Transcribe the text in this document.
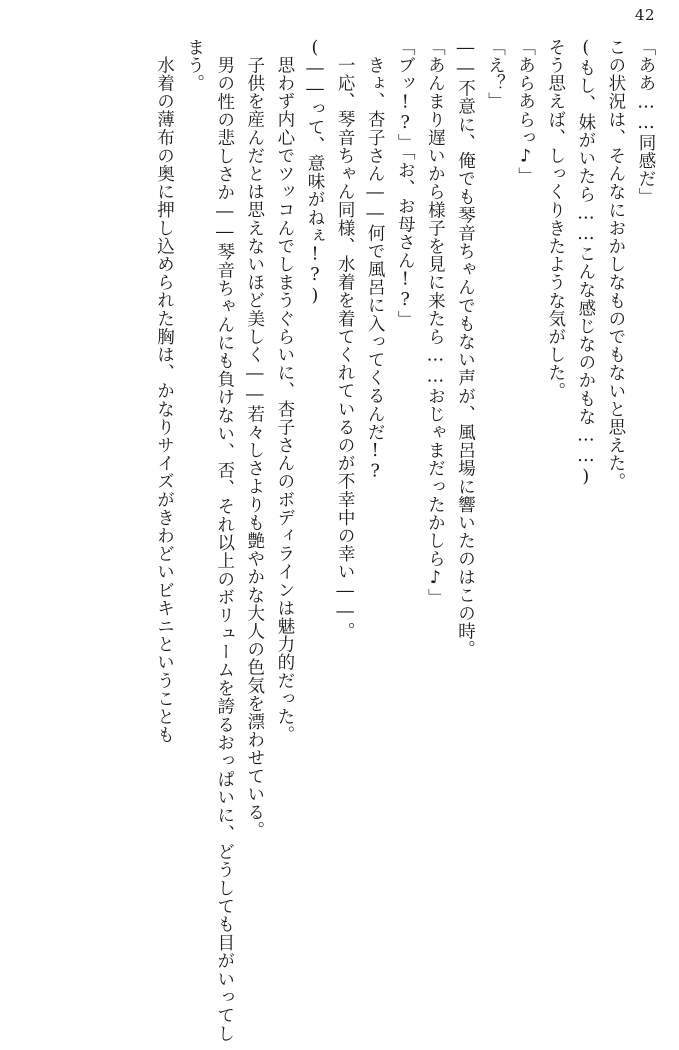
42

「ああ……同感だ」

この状況は、そんなにおかしなものでもないと思えた。

(もし、妹がいたら……こんな感じなのかもな……)

そう思えば、しっくりきたような気がした。

「あらあらっ♪」

「え？」

――不意に、俺でも琴音ちゃんでもない声が、風呂場に響いたのはこの時。

「あんまり遅いから様子を見に来たら……おじゃまだったかしら♪」

「ブッ!?」「お、お母さん!?」

きょ、杏子さん――何で風呂に入ってくるんだ!?

一応、琴音ちゃん同様、水着を着てくれているのが不幸中の幸い――。

(――って、意味がねぇ!?)

思わず内心でツッコんでしまうぐらいに、杏子さんのボディラインは魅力的だった。

子供を産んだとは思えないほど美しく――若々しさよりも艶やかな大人の色気を漂わせている。

男の性の悲しさか――琴音ちゃんにも負けない、否、それ以上のボリュームを誇るおっぱいに、どうしても目がいってしまう。

水着の薄布の奥に押し込められた胸は、かなりサイズがきわどいビキニということも
